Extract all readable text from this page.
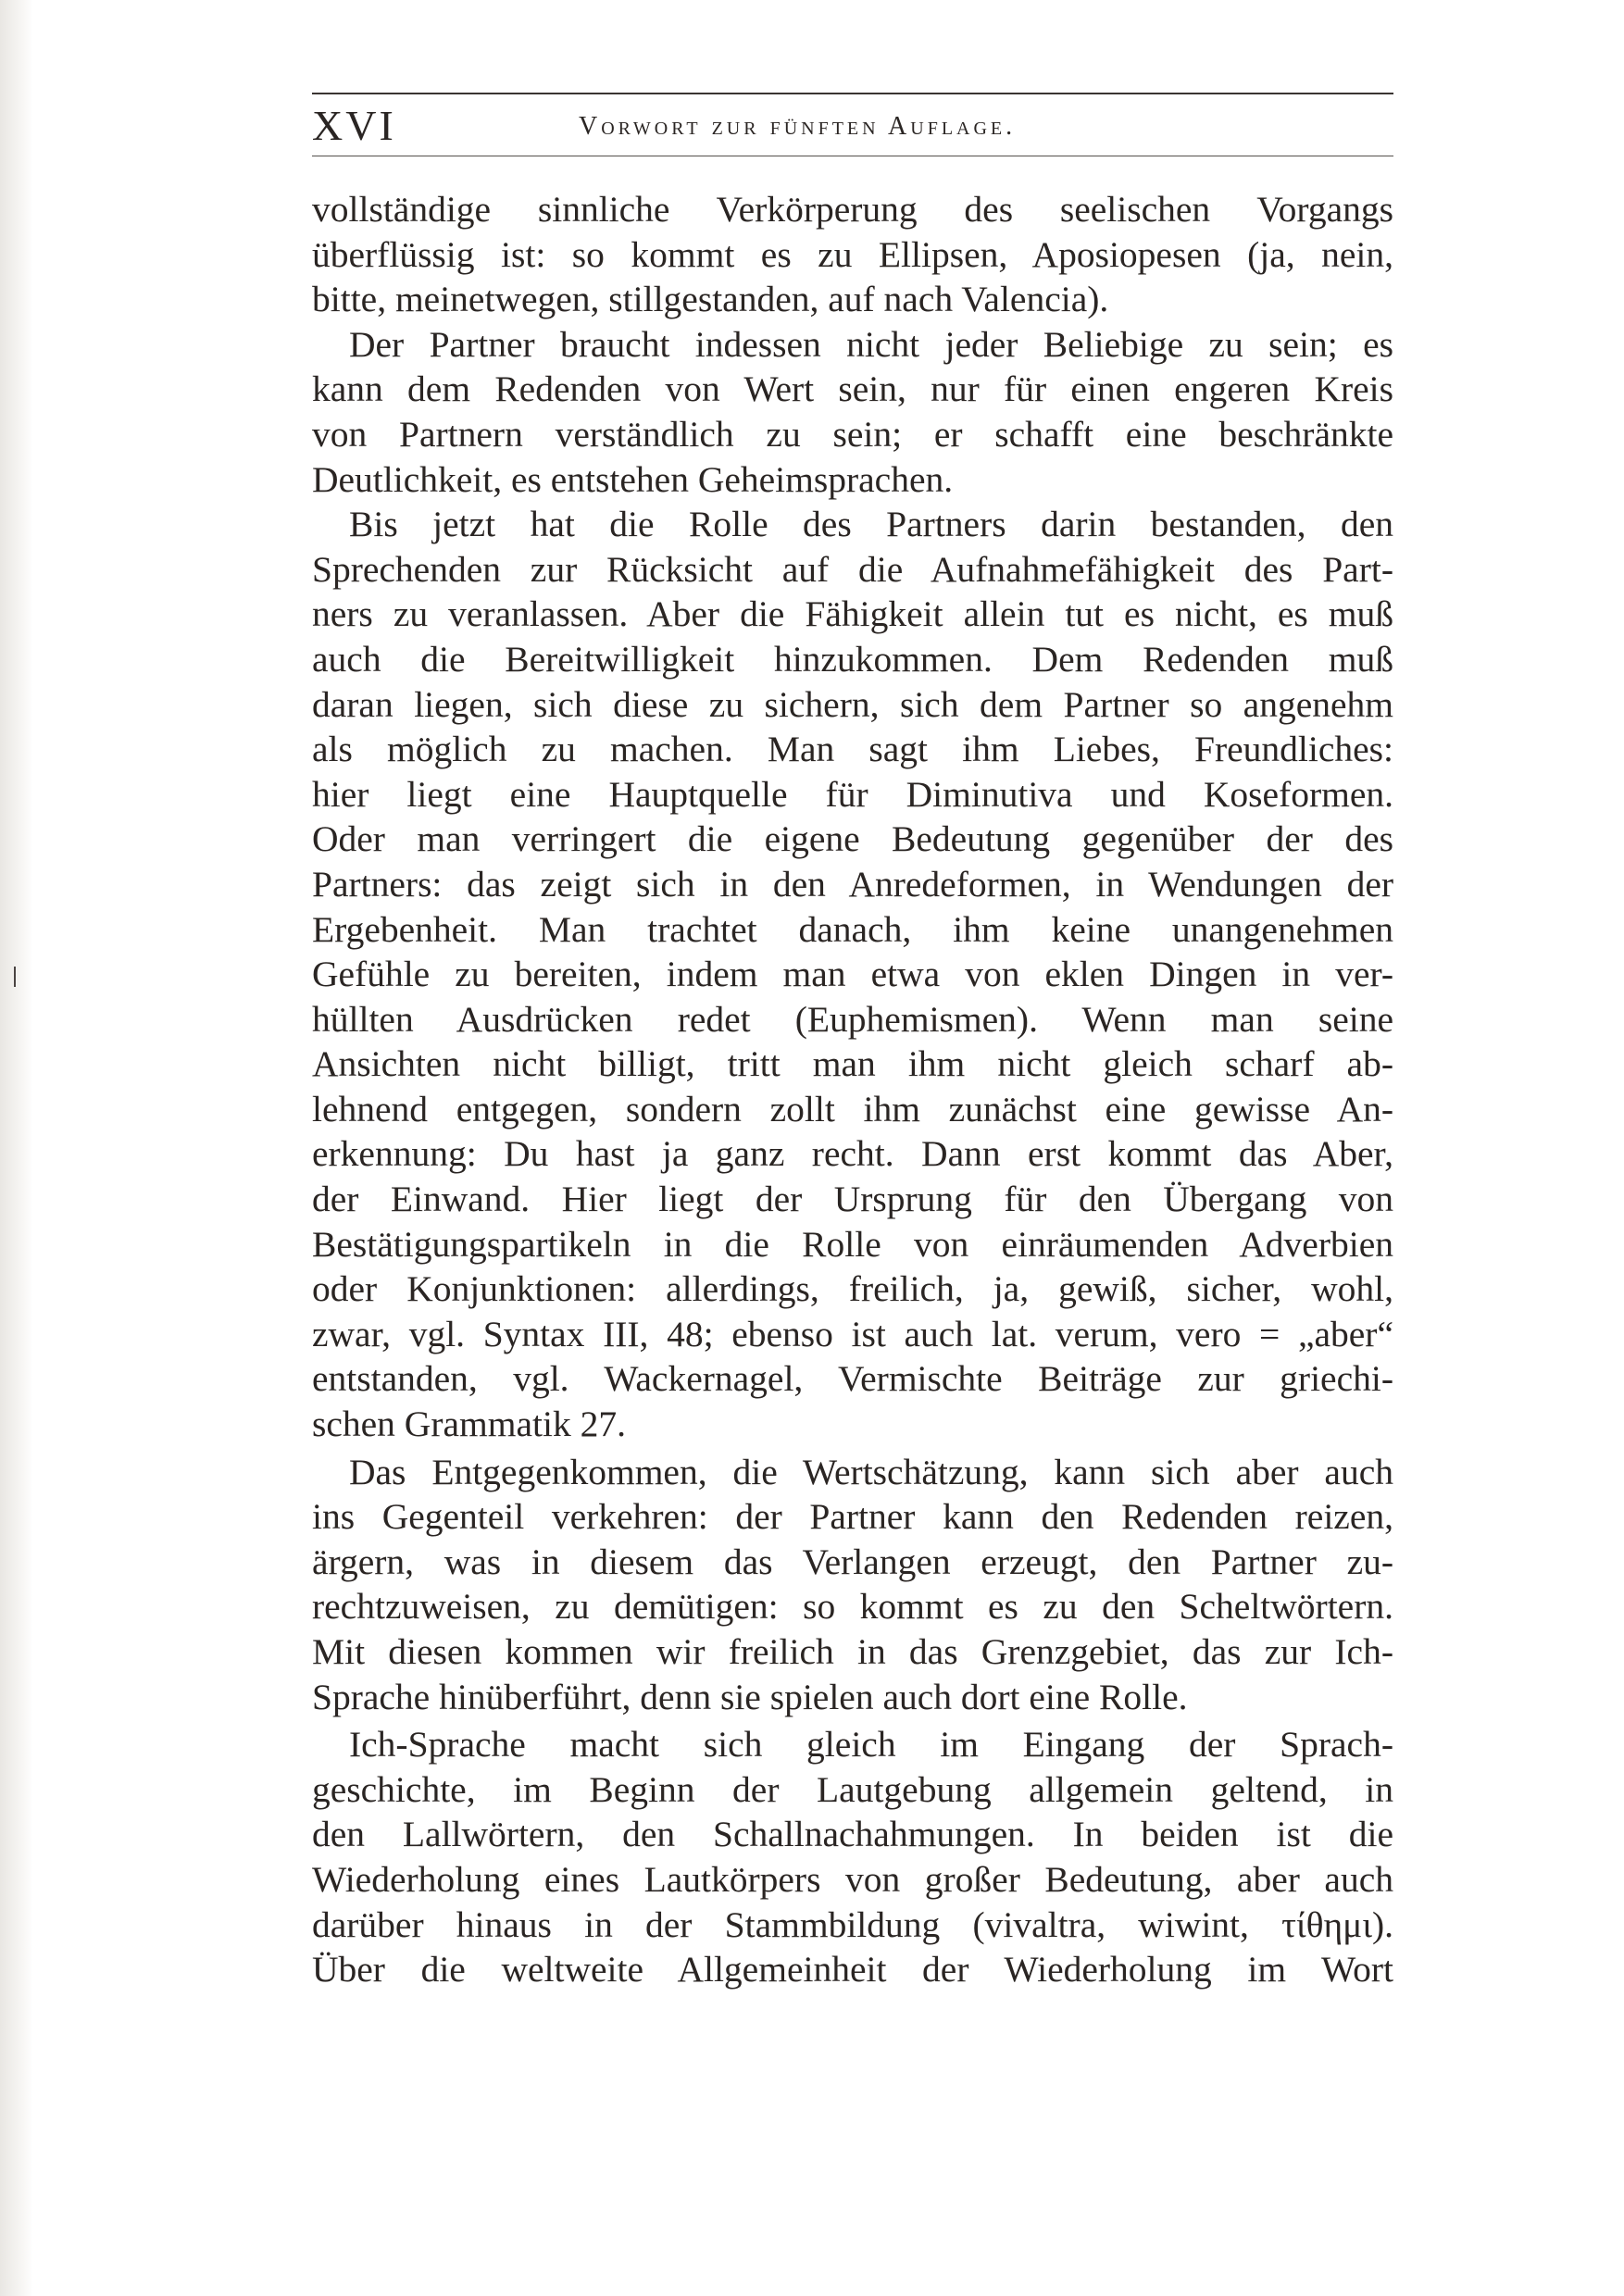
XVI	Vorwort zur fünften Auflage.
vollständige sinnliche Verkörperung des seelischen Vorgangs
überflüssig ist: so kommt es zu Ellipsen, Aposiopesen (ja, nein,
bitte, meinetwegen, stillgestanden, auf nach Valencia).
Der Partner braucht indessen nicht jeder Beliebige zu sein; es
kann dem Redenden von Wert sein, nur für einen engeren Kreis
von Partnern verständlich zu sein; er schafft eine beschränkte
Deutlichkeit, es entstehen Geheimsprachen.
Bis jetzt hat die Rolle des Partners darin bestanden, den
Sprechenden zur Rücksicht auf die Aufnahmefähigkeit des Part-
ners zu veranlassen. Aber die Fähigkeit allein tut es nicht, es muß
auch die Bereitwilligkeit hinzukommen. Dem Redenden muß
daran liegen, sich diese zu sichern, sich dem Partner so angenehm
als möglich zu machen. Man sagt ihm Liebes, Freundliches:
hier liegt eine Hauptquelle für Diminutiva und Koseformen.
Oder man verringert die eigene Bedeutung gegenüber der des
Partners: das zeigt sich in den Anredeformen, in Wendungen der
Ergebenheit. Man trachtet danach, ihm keine unangenehmen
Gefühle zu bereiten, indem man etwa von eklen Dingen in ver-
hüllten Ausdrücken redet (Euphemismen). Wenn man seine
Ansichten nicht billigt, tritt man ihm nicht gleich scharf ab-
lehnend entgegen, sondern zollt ihm zunächst eine gewisse An-
erkennung: Du hast ja ganz recht. Dann erst kommt das Aber,
der Einwand. Hier liegt der Ursprung für den Übergang von
Bestätigungspartikeln in die Rolle von einräumenden Adverbien
oder Konjunktionen: allerdings, freilich, ja, gewiß, sicher, wohl,
zwar, vgl. Syntax III, 48; ebenso ist auch lat. verum, vero = „aber“
entstanden, vgl. Wackernagel, Vermischte Beiträge zur griechi-
schen Grammatik 27.
Das Entgegenkommen, die Wertschätzung, kann sich aber auch
ins Gegenteil verkehren: der Partner kann den Redenden reizen,
ärgern, was in diesem das Verlangen erzeugt, den Partner zu-
rechtzuweisen, zu demütigen: so kommt es zu den Scheltwörtern.
Mit diesen kommen wir freilich in das Grenzgebiet, das zur Ich-
Sprache hinüberführt, denn sie spielen auch dort eine Rolle.
Ich-Sprache macht sich gleich im Eingang der Sprach-
geschichte, im Beginn der Lautgebung allgemein geltend, in
den Lallwörtern, den Schallnachahmungen. In beiden ist die
Wiederholung eines Lautkörpers von großer Bedeutung, aber auch
darüber hinaus in der Stammbildung (vivaltra, wiwint, τίθημι).
Über die weltweite Allgemeinheit der Wiederholung im Wort
